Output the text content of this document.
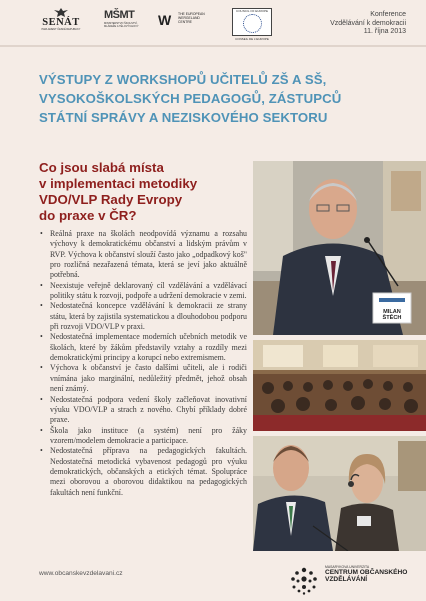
SENÁT
PARLAMENT ČESKÉ REPUBLIKY
MŠMT
MINISTERSTVO ŠKOLSTVÍ, MLÁDEŽE A TĚLOVÝCHOVY	W THE EUROPEAN
WERGELAND
CENTRE
COUNCIL OF EUROPE
CONSEIL DE L'EUROPE
Konference
Vzdělávání k demokracii
11. října 2013
VÝSTUPY Z WORKSHOPŮ UČITELŮ ZŠ A SŠ,
VYSOKOŠKOLSKÝCH PEDAGOGŮ, ZÁSTUPCŮ
STÁTNÍ SPRÁVY A NEZISKOVÉHO SEKTORU
Co jsou slabá místa
v implementaci metodiky
VDO/VLP Rady Evropy
do praxe v ČR?
• Reálná praxe na školách neodpovídá významu a rozsahu výchovy k demokratickému občanství a lidským právům v RVP. Výchova k občanství slouží často jako „odpadkový koš" pro rozličná nezařazená témata, která se jeví jako aktuálně potřebná.
• Neexistuje veřejně deklarovaný cíl vzdělávání a vzdělávací politiky státu k rozvoji, podpoře a udržení demokracie v zemi.
• Nedostatečná koncepce vzdělávání k demokracii ze strany státu, která by zajistila systematickou a dlouhodobou podporu při rozvoji VDO/VLP v praxi.
• Nedostatečná implementace moderních učebních metodik ve školách, které by žákům představily vztahy a rozdíly mezi demokratickými principy a korupcí nebo extremismem.
• Výchova k občanství je často dalšími učiteli, ale i rodiči vnímána jako marginální, nedůležitý předmět, jehož obsah není známý.
• Nedostatečná podpora vedení školy začleňovat inovativní výuku VDO/VLP a strach z nového. Chybí příklady dobré praxe.
• Škola jako instituce (a systém) není pro žáky vzorem/modelem demokracie a participace.
• Nedostatečná příprava na pedagogických fakultách. Nedostatečná metodická vybavenost pedagogů pro výuku demokratických, občanských a etických témat. Spolupráce mezi oborovou a oborovou didaktikou na pedagogických fakultách není funkční.
MILAN
ŠTĚCH
www.obcanskevzdelavani.cz
MASARYKOVA UNIVERZITA
CENTRUM OBČANSKÉHO
VZDĚLÁVÁNÍ
